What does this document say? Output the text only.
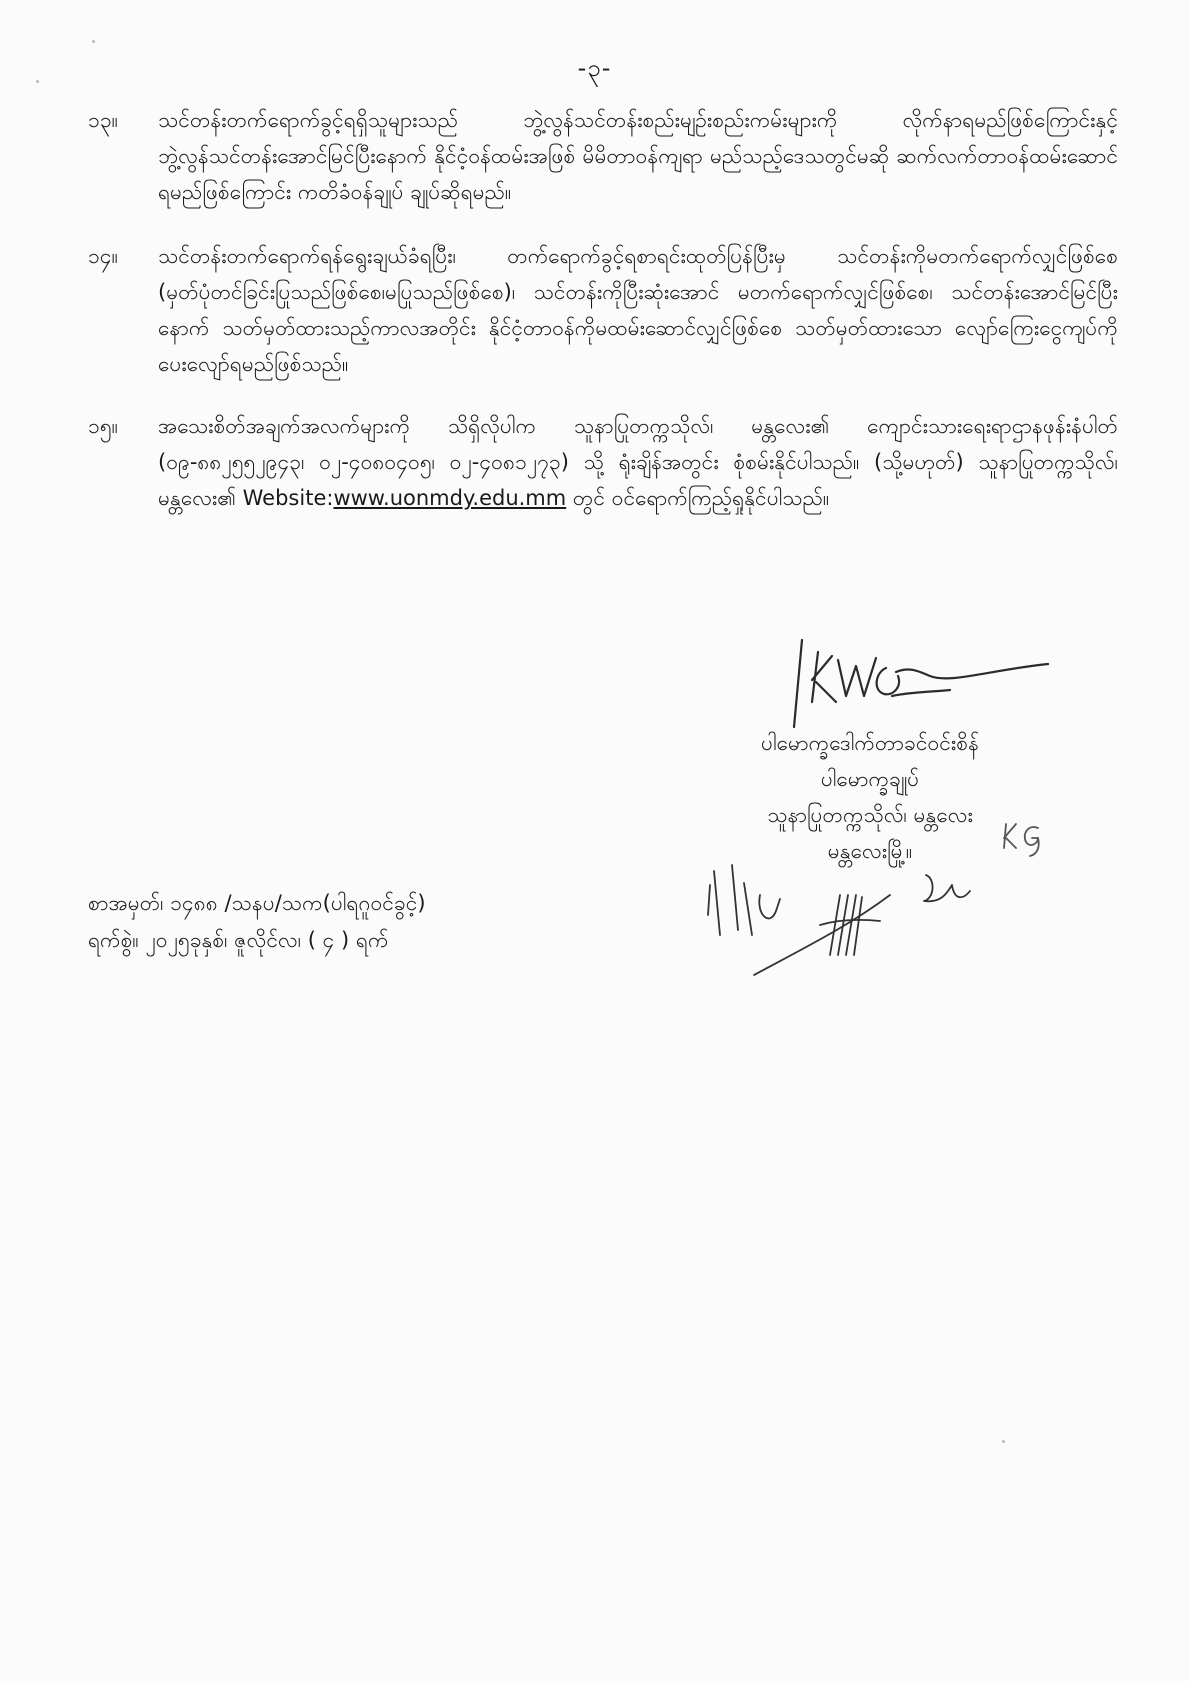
-၃-
၁၃။	သင်တန်းတက်ရောက်ခွင့်ရရှိသူများသည် ဘွဲ့လွန်သင်တန်းစည်းမျဉ်းစည်းကမ်းများကို လိုက်နာရမည်ဖြစ်ကြောင်းနှင့် ဘွဲ့လွန်သင်တန်းအောင်မြင်ပြီးနောက် နိုင်ငံ့ဝန်ထမ်းအဖြစ် မိမိတာဝန်ကျရာ မည်သည့်ဒေသတွင်မဆို ဆက်လက်တာဝန်ထမ်းဆောင်ရမည်ဖြစ်ကြောင်း ကတိခံဝန်ချုပ် ချုပ်ဆိုရမည်။
၁၄။	သင်တန်းတက်ရောက်ရန်ရွေးချယ်ခံရပြီး၊ တက်ရောက်ခွင့်ရစာရင်းထုတ်ပြန်ပြီးမှ သင်တန်းကိုမတက်ရောက်လျှင်ဖြစ်စေ (မှတ်ပုံတင်ခြင်းပြုသည်ဖြစ်စေ၊မပြုသည်ဖြစ်စေ)၊ သင်တန်းကိုပြီးဆုံးအောင် မတက်ရောက်လျှင်ဖြစ်စေ၊ သင်တန်းအောင်မြင်ပြီးနောက် သတ်မှတ်ထားသည့်ကာလအတိုင်း နိုင်ငံ့တာဝန်ကိုမထမ်းဆောင်လျှင်ဖြစ်စေ သတ်မှတ်ထားသော လျော်ကြေးငွေကျပ်ကို ပေးလျော်ရမည်ဖြစ်သည်။
၁၅။	အသေးစိတ်အချက်အလက်များကို သိရှိလိုပါက သူနာပြုတက္ကသိုလ်၊ မန္တလေး၏ ကျောင်းသားရေးရာဌာနဖုန်းနံပါတ် (၀၉-၈၈၂၅၅၂၉၄၃၊ ၀၂-၄၀၈၀၄၀၅၊ ၀၂-၄၀၈၁၂၇၃) သို့ ရုံးချိန်အတွင်း စုံစမ်းနိုင်ပါသည်။ (သို့မဟုတ်) သူနာပြုတက္ကသိုလ်၊ မန္တလေး၏ Website:www.uonmdy.edu.mm တွင် ဝင်ရောက်ကြည့်ရှုနိုင်ပါသည်။
ပါမောက္ခဒေါက်တာခင်ဝင်းစိန်
ပါမောက္ခချုပ်
သူနာပြုတက္ကသိုလ်၊ မန္တလေး
မန္တလေးမြို့။
စာအမှတ်၊ ၁၄၈၈ /သနပ/သက(ပါရဂူဝင်ခွင့်)
ရက်စွဲ။ ၂၀၂၅ခုနှစ်၊ ဇူလိုင်လ၊ ( ၄ ) ရက်
